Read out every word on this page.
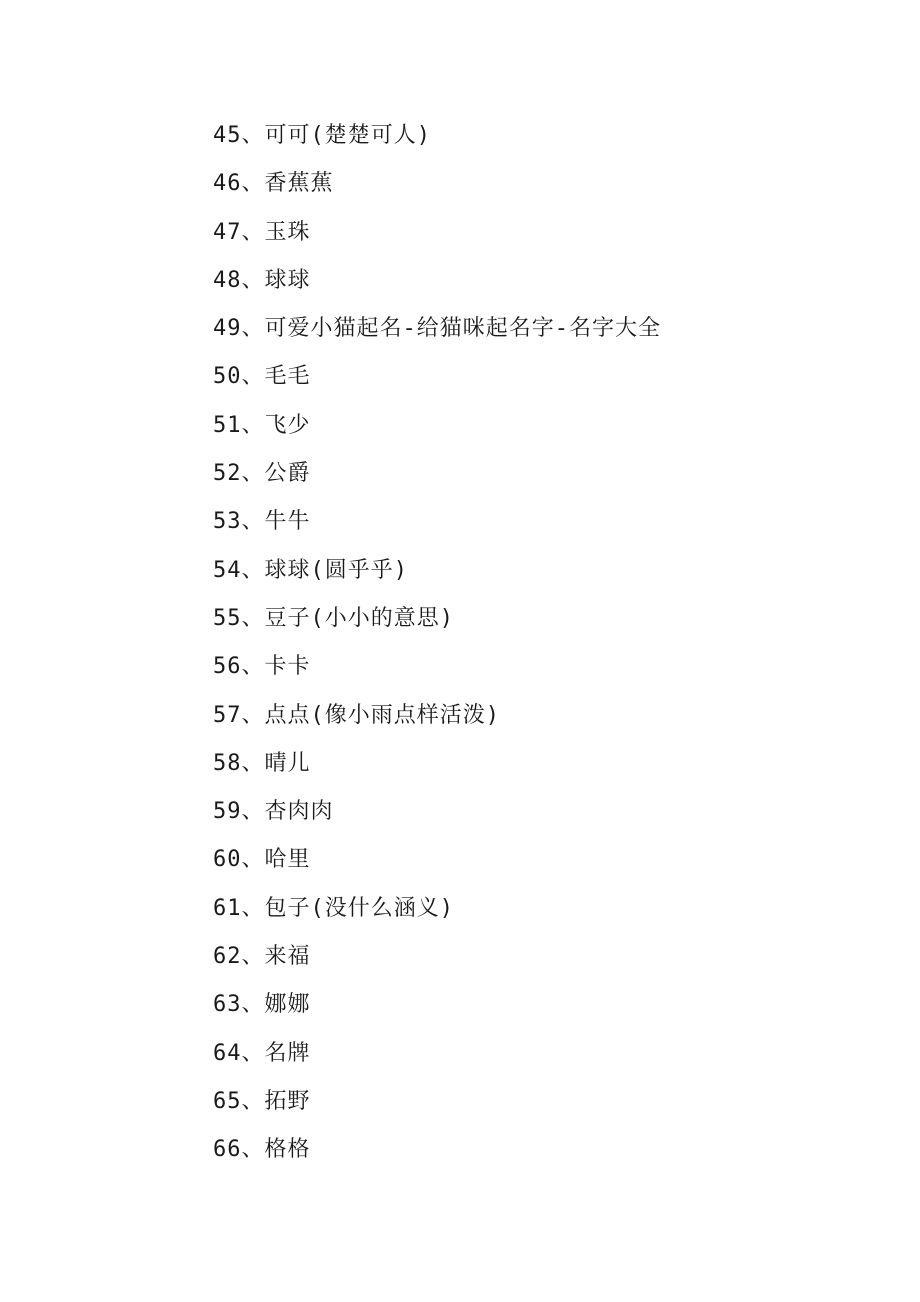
45、可可(楚楚可人)
46、香蕉蕉
47、玉珠
48、球球
49、可爱小猫起名-给猫咪起名字-名字大全
50、毛毛
51、飞少
52、公爵
53、牛牛
54、球球(圆乎乎)
55、豆子(小小的意思)
56、卡卡
57、点点(像小雨点样活泼)
58、晴儿
59、杏肉肉
60、哈里
61、包子(没什么涵义)
62、来福
63、娜娜
64、名牌
65、拓野
66、格格
